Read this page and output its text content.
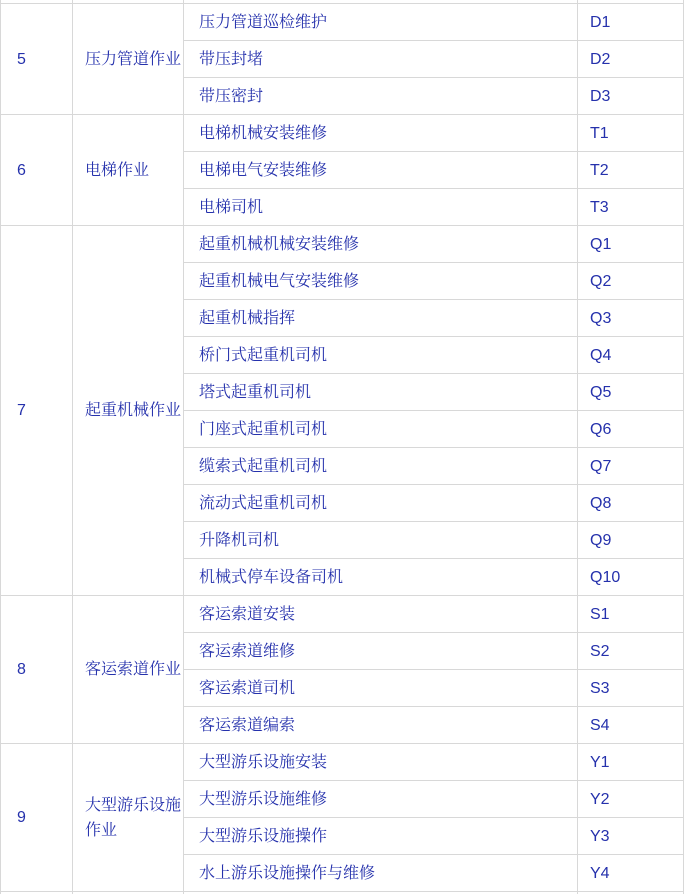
5	压力管道作业	压力管道巡检维护	D1
		带压封堵	D2
		带压密封	D3
6	电梯作业	电梯机械安装维修	T1
		电梯电气安装维修	T2
		电梯司机	T3
7	起重机械作业	起重机械机械安装维修	Q1
		起重机械电气安装维修	Q2
		起重机械指挥	Q3
		桥门式起重机司机	Q4
		塔式起重机司机	Q5
		门座式起重机司机	Q6
		缆索式起重机司机	Q7
		流动式起重机司机	Q8
		升降机司机	Q9
		机械式停车设备司机	Q10
8	客运索道作业	客运索道安装	S1
		客运索道维修	S2
		客运索道司机	S3
		客运索道编索	S4
9	大型游乐设施作业	大型游乐设施安装	Y1
		大型游乐设施维修	Y2
		大型游乐设施操作	Y3
		水上游乐设施操作与维修	Y4
